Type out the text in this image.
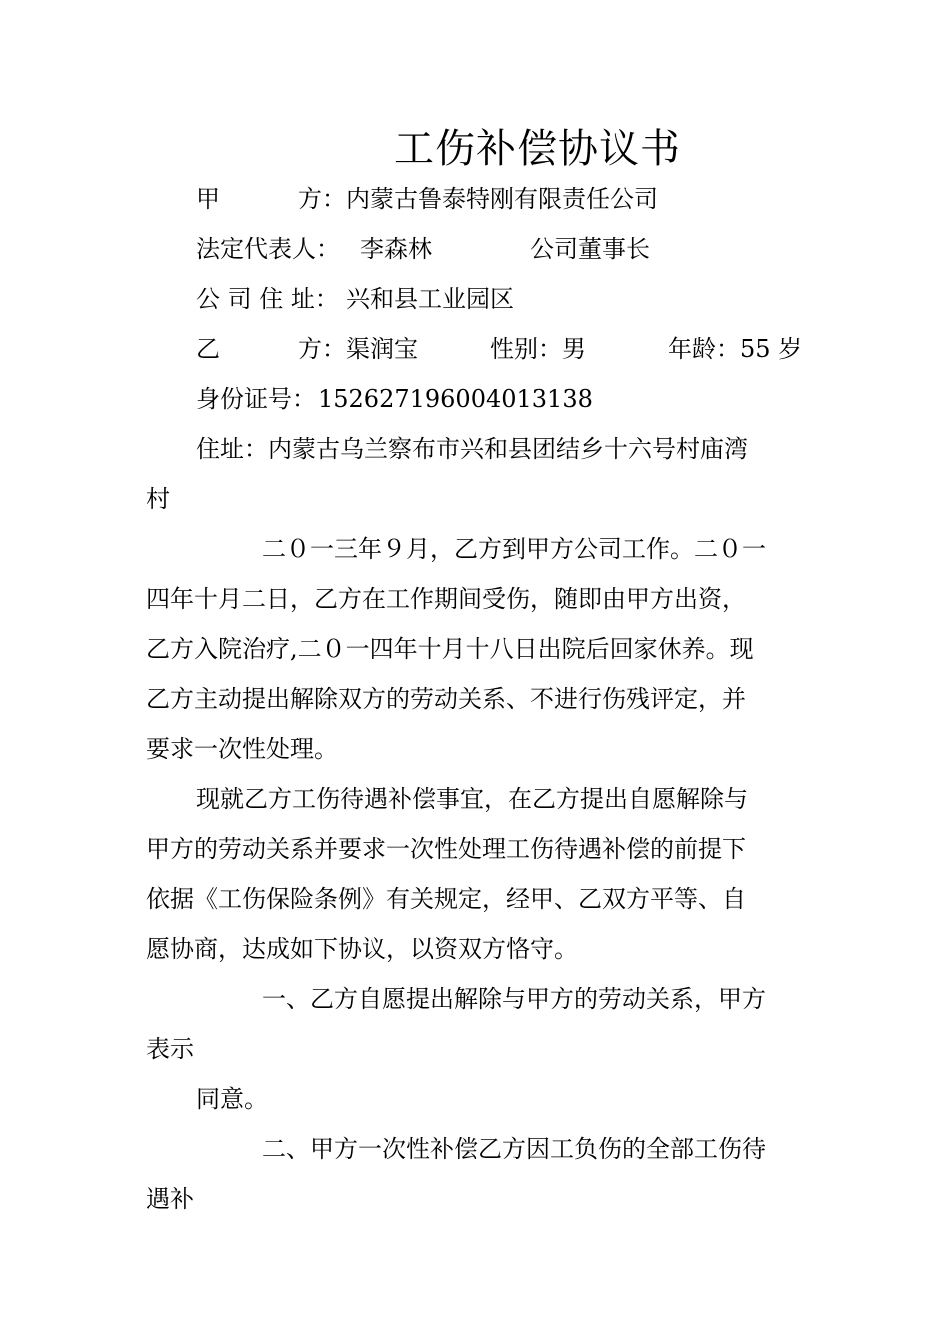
工伤补偿协议书
甲	方： 内蒙古鲁泰特刚有限责任公司
法定代表人： 李森林	公司董事长
公 司 住 址： 兴和县工业园区
乙	方： 渠润宝	性别：男	年龄：55 岁
身份证号： 152627196004013138
住址：内蒙古乌兰察布市兴和县团结乡十六号村庙湾
村
二０一三年９月，乙方到甲方公司工作。二０一
四年十月二日，乙方在工作期间受伤，随即由甲方出资，
乙方入院治疗,二０一四年十月十八日出院后回家休养。现
乙方主动提出解除双方的劳动关系、不进行伤残评定，并
要求一次性处理。
现就乙方工伤待遇补偿事宜，在乙方提出自愿解除与
甲方的劳动关系并要求一次性处理工伤待遇补偿的前提下
依据《工伤保险条例》有关规定，经甲、乙双方平等、自
愿协商，达成如下协议，以资双方恪守。
一、乙方自愿提出解除与甲方的劳动关系，甲方
表示
同意。
二、甲方一次性补偿乙方因工负伤的全部工伤待
遇补
